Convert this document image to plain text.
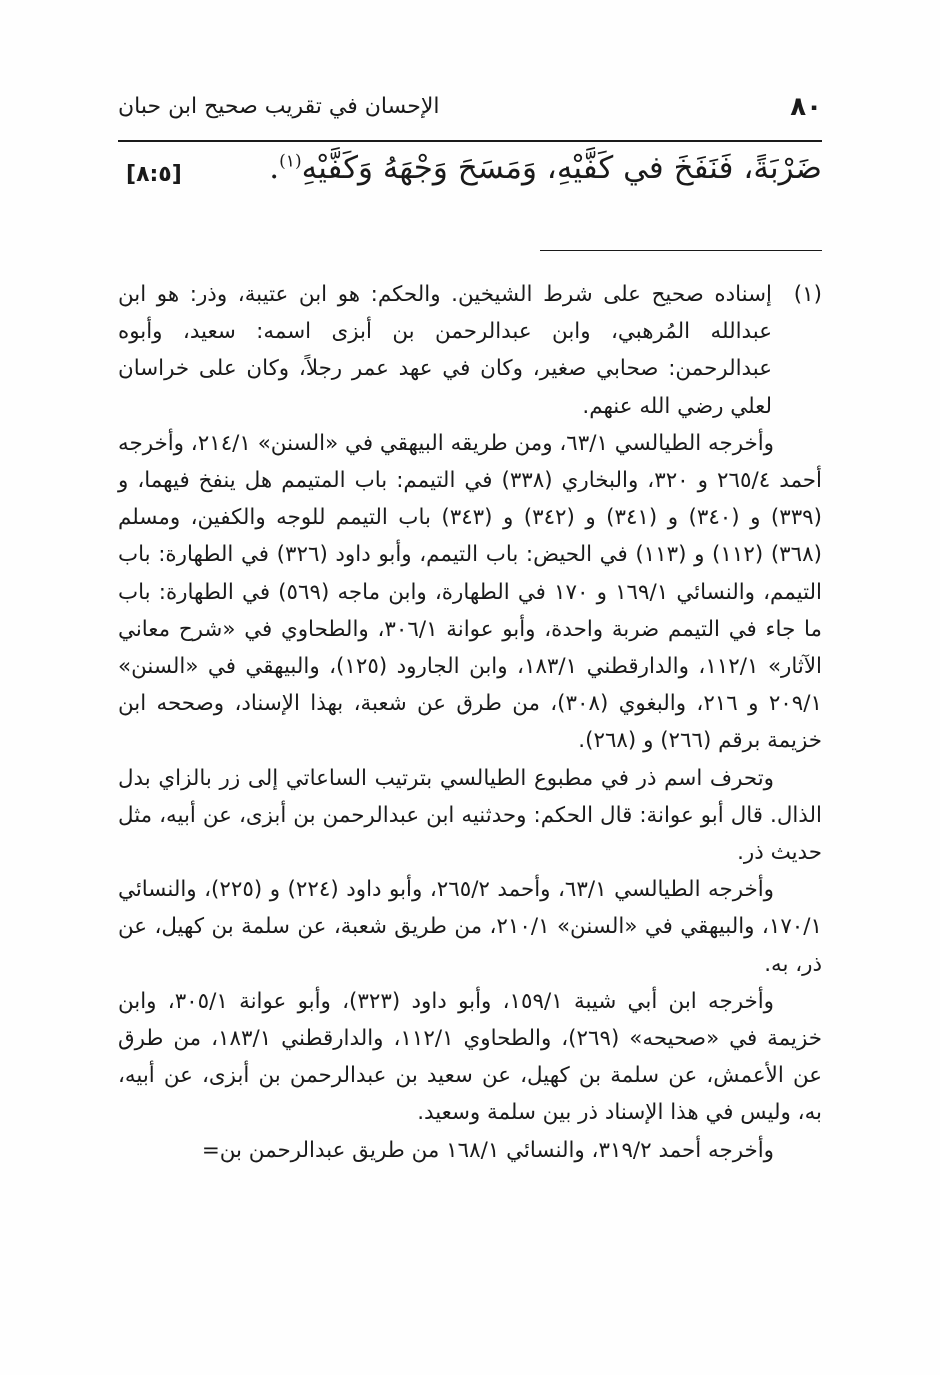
٨٠
الإحسان في تقريب صحيح ابن حبان
ضَرْبَةً، فَنَفَخَ في كَفَّيْهِ، وَمَسَحَ وَجْهَهُ وَكَفَّيْهِ$^{(١)}$.
[٨:٥]
(١)

إسناده صحيح على شرط الشيخين. والحكم: هو ابن عتيبة، وذر: هو ابن عبدالله المُرهبي، وابن عبدالرحمن بن أبزى اسمه: سعيد، وأبوه عبدالرحمن: صحابي صغير، وكان في عهد عمر رجلاً، وكان على خراسان لعلي رضي الله عنهم.

وأخرجه الطيالسي ٦٣/١، ومن طريقه البيهقي في «السنن» ٢١٤/١، وأخرجه أحمد ٢٦٥/٤ و ٣٢٠، والبخاري (٣٣٨) في التيمم: باب المتيمم هل ينفخ فيهما، و (٣٣٩) و (٣٤٠) و (٣٤١) و (٣٤٢) و (٣٤٣) باب التيمم للوجه والكفين، ومسلم (٣٦٨) (١١٢) و (١١٣) في الحيض: باب التيمم، وأبو داود (٣٢٦) في الطهارة: باب التيمم، والنسائي ١٦٩/١ و ١٧٠ في الطهارة، وابن ماجه (٥٦٩) في الطهارة: باب ما جاء في التيمم ضربة واحدة، وأبو عوانة ٣٠٦/١، والطحاوي في «شرح معاني الآثار» ١١٢/١، والدارقطني ١٨٣/١، وابن الجارود (١٢٥)، والبيهقي في «السنن» ٢٠٩/١ و ٢١٦، والبغوي (٣٠٨)، من طرق عن شعبة، بهذا الإسناد، وصححه ابن خزيمة برقم (٢٦٦) و (٢٦٨).

وتحرف اسم ذر في مطبوع الطيالسي بترتيب الساعاتي إلى زر بالزاي بدل الذال. قال أبو عوانة: قال الحكم: وحدثنيه ابن عبدالرحمن بن أبزى، عن أبيه، مثل حديث ذر.

وأخرجه الطيالسي ٦٣/١، وأحمد ٢٦٥/٢، وأبو داود (٢٢٤) و (٢٢٥)، والنسائي ١٧٠/١، والبيهقي في «السنن» ٢١٠/١، من طريق شعبة، عن سلمة بن كهيل، عن ذر، به.

وأخرجه ابن أبي شيبة ١٥٩/١، وأبو داود (٣٢٣)، وأبو عوانة ٣٠٥/١، وابن خزيمة في «صحيحه» (٢٦٩)، والطحاوي ١١٢/١، والدارقطني ١٨٣/١، من طرق عن الأعمش، عن سلمة بن كهيل، عن سعيد بن عبدالرحمن بن أبزى، عن أبيه، به، وليس في هذا الإسناد ذر بين سلمة وسعيد.

وأخرجه أحمد ٣١٩/٢، والنسائي ١٦٨/١ من طريق عبدالرحمن بن=
